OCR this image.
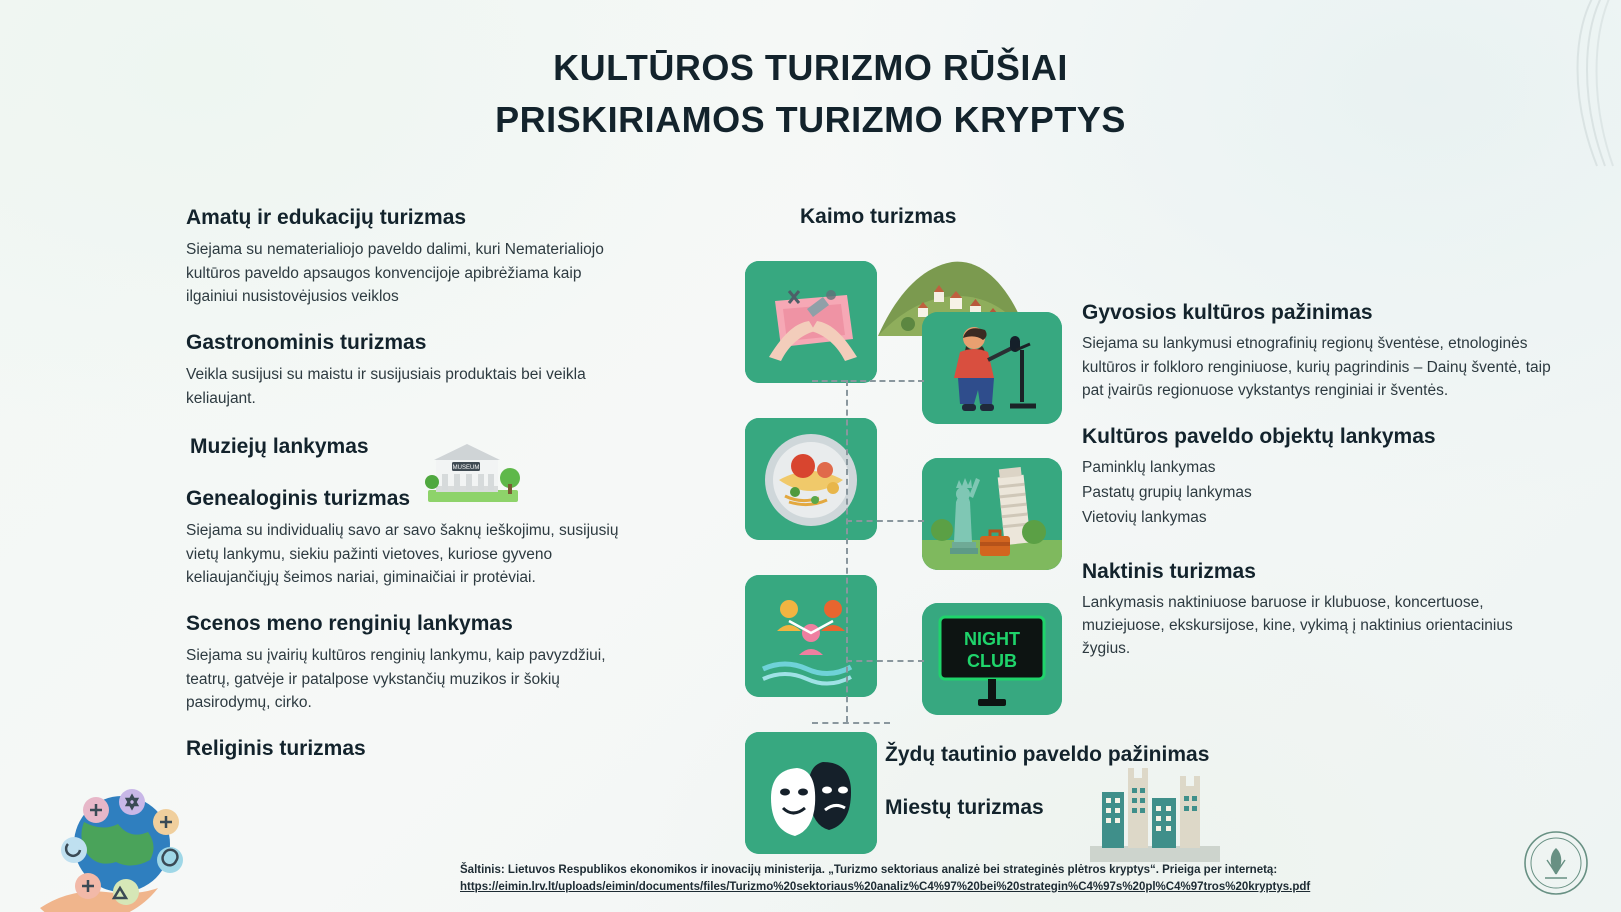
KULTŪROS TURIZMO RŪŠIAI
PRISKIRIAMOS TURIZMO KRYPTYS
Amatų ir edukacijų turizmas
Siejama su nematerialiojo paveldo dalimi, kuri Nematerialiojo kultūros paveldo apsaugos konvencijoje apibrėžiama kaip ilgainiui nusistovėjusios veiklos
Gastronominis turizmas
Veikla susijusi su maistu ir susijusiais produktais bei veikla keliaujant.
Muziejų lankymas
Genealoginis turizmas
Siejama su individualių savo ar savo šaknų ieškojimu, susijusių vietų lankymu, siekiu pažinti vietoves, kuriose gyveno keliaujančiųjų šeimos nariai, giminaičiai ir protėviai.
Scenos meno renginių lankymas
Siejama su įvairių kultūros renginių lankymu, kaip pavyzdžiui, teatrų, gatvėje ir patalpose vykstančių muzikos ir šokių pasirodymų, cirko.
Religinis turizmas
MUSEUM
Kaimo turizmas
NIGHT
CLUB
Gyvosios kultūros pažinimas
Siejama su lankymusi etnografinių regionų šventėse, etnologinės kultūros ir folkloro renginiuose, kurių pagrindinis – Dainų šventė, taip pat įvairūs regionuose vykstantys renginiai ir šventės.
Kultūros paveldo objektų lankymas
Paminklų lankymas
Pastatų grupių lankymas
Vietovių lankymas
Naktinis turizmas
Lankymasis naktiniuose baruose ir klubuose, koncertuose, muziejuose, ekskursijose, kine, vykimą į naktinius orientacinius žygius.
Žydų tautinio paveldo pažinimas
Miestų turizmas
Šaltinis: Lietuvos Respublikos ekonomikos ir inovacijų ministerija. „Turizmo sektoriaus analizė bei strateginės plėtros kryptys“. Prieiga per internetą:
https://eimin.lrv.lt/uploads/eimin/documents/files/Turizmo%20sektoriaus%20analiz%C4%97%20bei%20strategin%C4%97s%20pl%C4%97tros%20kryptys.pdf
